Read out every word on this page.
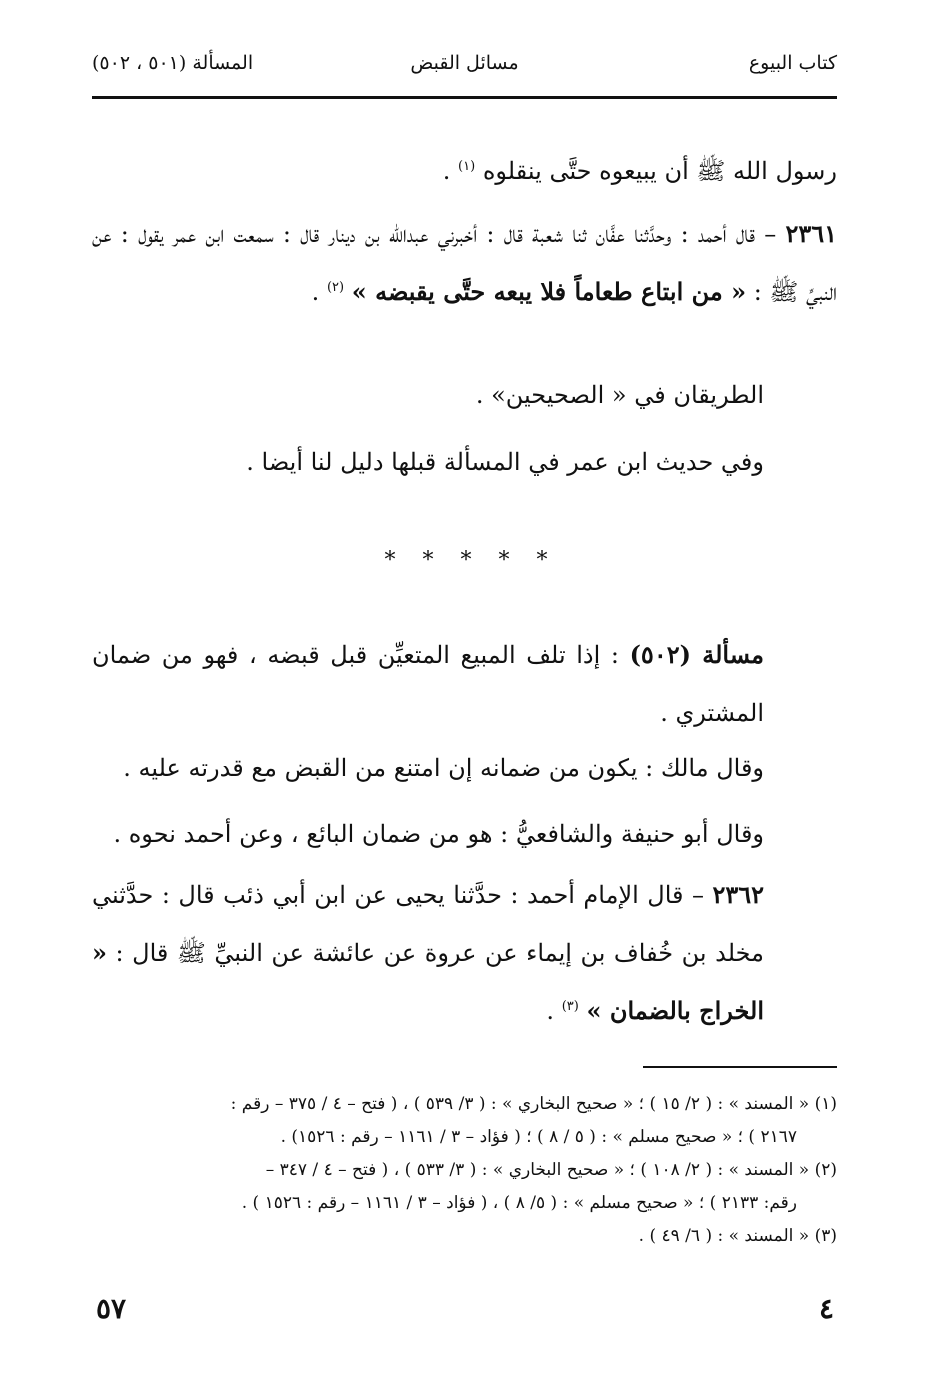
كتاب البيوع
مسائل القبض
المسألة (٥٠١ ، ٥٠٢)

رسول الله ﷺ أن يبيعوه حتَّى ينقلوه $^{(١)}$ .

٢٣٦١ – قال أحمد : وحدَّثنا عفَّان ثنا شعبة قال : أخبرني عبدالله بن دينار قال : سمعت ابن عمر يقول : عن النبيِّ ﷺ : « من ابتاع طعاماً فلا يبعه حتَّى يقبضه » $^{(٢)}$ .

الطريقان في « الصحيحين» .

وفي حديث ابن عمر في المسألة قبلها دليل لنا أيضا .

* * * * *

مسألة (٥٠٢) : إذا تلف المبيع المتعيِّن قبل قبضه ، فهو من ضمان المشتري .

وقال مالك : يكون من ضمانه إن امتنع من القبض مع قدرته عليه .

وقال أبو حنيفة والشافعيُّ : هو من ضمان البائع ، وعن أحمد نحوه .

٢٣٦٢ – قال الإمام أحمد : حدَّثنا يحيى عن ابن أبي ذئب قال : حدَّثني مخلد بن خُفاف بن إيماء عن عروة عن عائشة عن النبيِّ ﷺ قال : « الخراج بالضمان » $^{(٣)}$ .

(١) « المسند » : ( ٢/ ١٥ ) ؛ « صحيح البخاري » : ( ٣/ ٥٣٩ ) ، ( فتح – ٤ / ٣٧٥ – رقم :

٢١٦٧ ) ؛ « صحيح مسلم » : ( ٥ / ٨ ) ؛ ( فؤاد – ٣ / ١١٦١ – رقم : ١٥٢٦) .

(٢) « المسند » : ( ٢/ ١٠٨ ) ؛ « صحيح البخاري » : ( ٣/ ٥٣٣ ) ، ( فتح – ٤ / ٣٤٧ –

رقم: ٢١٣٣ ) ؛ « صحيح مسلم » : ( ٥/ ٨ ) ، ( فؤاد – ٣ / ١١٦١ – رقم : ١٥٢٦ ) .

(٣) « المسند » : ( ٦/ ٤٩ ) .

٥٧	٤
